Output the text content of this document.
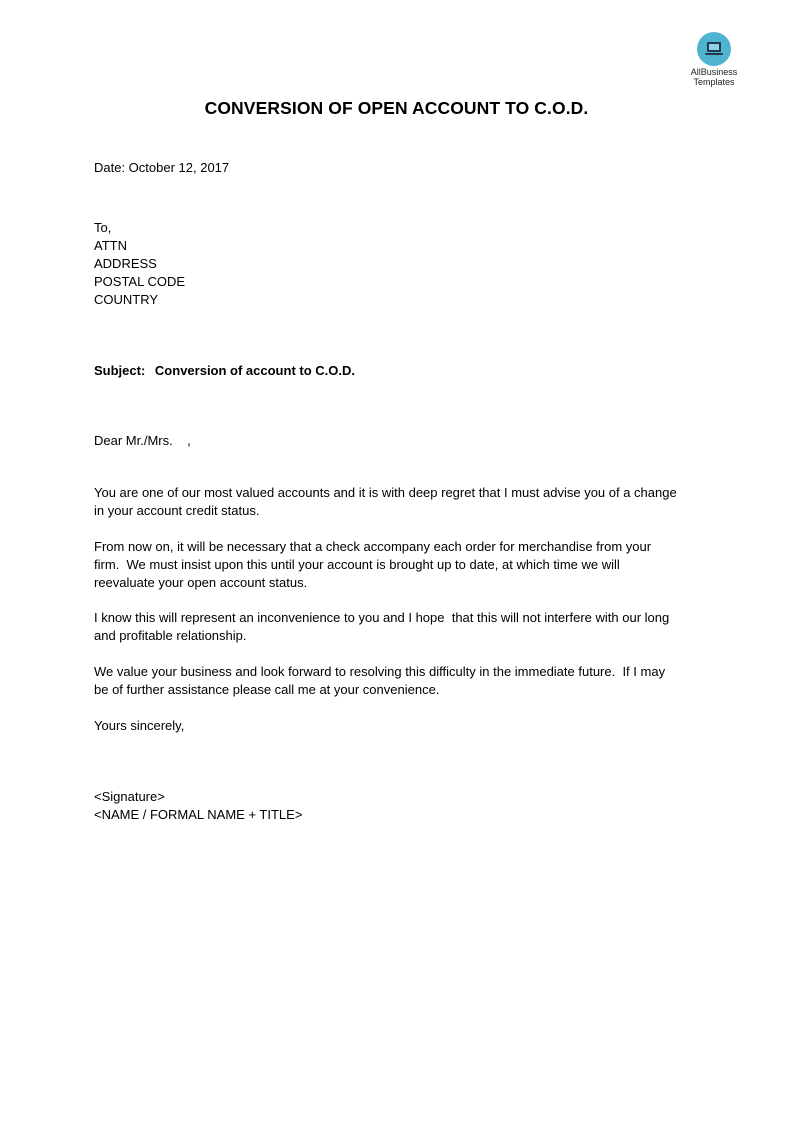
AllBusiness
Templates
CONVERSION OF OPEN ACCOUNT TO C.O.D.
Date: October 12, 2017
To,
ATTN
ADDRESS
POSTAL CODE
COUNTRY
Subject: Conversion of account to C.O.D.
Dear Mr./Mrs.    ,
You are one of our most valued accounts and it is with deep regret that I must advise you of a change
in your account credit status.
From now on, it will be necessary that a check accompany each order for merchandise from your
firm.  We must insist upon this until your account is brought up to date, at which time we will
reevaluate your open account status.
I know this will represent an inconvenience to you and I hope  that this will not interfere with our long
and profitable relationship.
We value your business and look forward to resolving this difficulty in the immediate future.  If I may
be of further assistance please call me at your convenience.
Yours sincerely,
<Signature>
<NAME / FORMAL NAME + TITLE>
